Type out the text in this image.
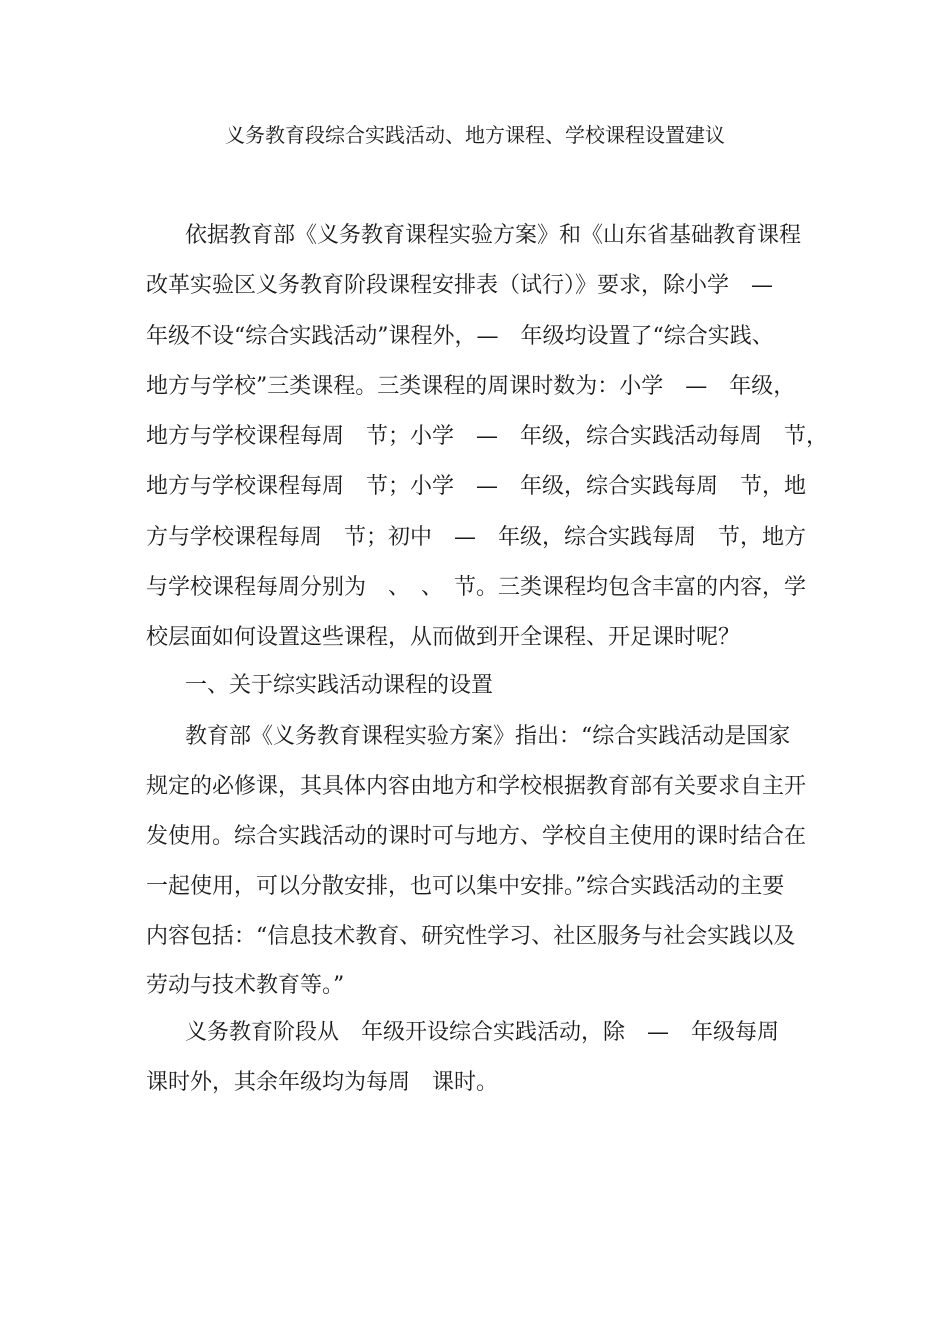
义务教育段综合实践活动、地方课程、学校课程设置建议
依据教育部《义务教育课程实验方案》和《山东省基础教育课程
改革实验区义务教育阶段课程安排表（试行）》要求，除小学　—
年级不设“综合实践活动”课程外，—　年级均设置了“综合实践、
地方与学校”三类课程。三类课程的周课时数为：小学　—　年级，
地方与学校课程每周　节；小学　—　年级，综合实践活动每周　节，
地方与学校课程每周　节；小学　—　年级，综合实践每周　节，地
方与学校课程每周　节；初中　—　年级，综合实践每周　节，地方
与学校课程每周分别为　、　、　节。三类课程均包含丰富的内容，学
校层面如何设置这些课程，从而做到开全课程、开足课时呢？
一、关于综实践活动课程的设置
教育部《义务教育课程实验方案》指出：“综合实践活动是国家
规定的必修课，其具体内容由地方和学校根据教育部有关要求自主开
发使用。综合实践活动的课时可与地方、学校自主使用的课时结合在
一起使用，可以分散安排，也可以集中安排。”综合实践活动的主要
内容包括：“信息技术教育、研究性学习、社区服务与社会实践以及
劳动与技术教育等。”
义务教育阶段从　年级开设综合实践活动，除　—　年级每周
课时外，其余年级均为每周　课时。
